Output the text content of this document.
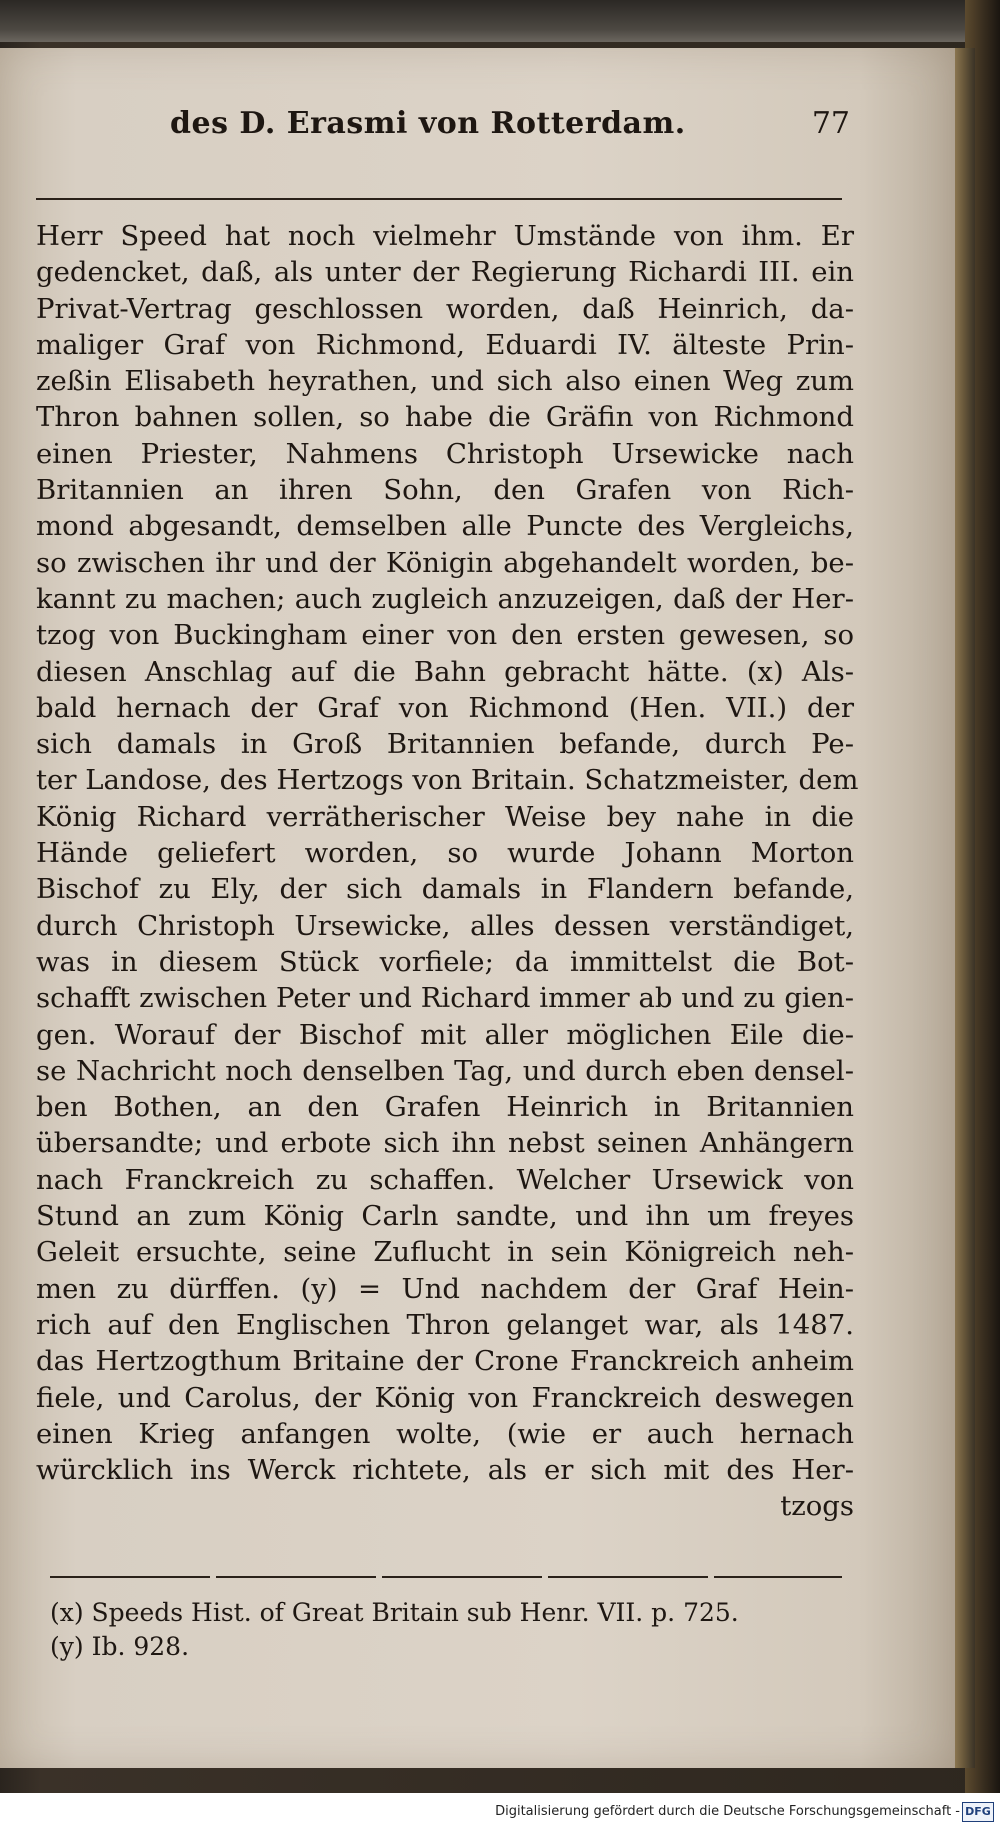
des D. Erasmi von Rotterdam.	77
Herr Speed hat noch vielmehr Umstände von ihm. Er
gedencket, daß, als unter der Regierung Richardi III. ein
Privat-Vertrag geschlossen worden, daß Heinrich, da-
maliger Graf von Richmond, Eduardi IV. älteste Prin-
zeßin Elisabeth heyrathen, und sich also einen Weg zum
Thron bahnen sollen, so habe die Gräfin von Richmond
einen Priester, Nahmens Christoph Ursewicke nach
Britannien an ihren Sohn, den Grafen von Rich-
mond abgesandt, demselben alle Puncte des Vergleichs,
so zwischen ihr und der Königin abgehandelt worden, be-
kannt zu machen; auch zugleich anzuzeigen, daß der Her-
tzog von Buckingham einer von den ersten gewesen, so
diesen Anschlag auf die Bahn gebracht hätte. (x) Als-
bald hernach der Graf von Richmond (Hen. VII.) der
sich damals in Groß Britannien befande, durch Pe-
ter Landose, des Hertzogs von Britain. Schatzmeister, dem
König Richard verrätherischer Weise bey nahe in die
Hände geliefert worden, so wurde Johann Morton
Bischof zu Ely, der sich damals in Flandern befande,
durch Christoph Ursewicke, alles dessen verständiget,
was in diesem Stück vorfiele; da immittelst die Bot-
schafft zwischen Peter und Richard immer ab und zu gien-
gen. Worauf der Bischof mit aller möglichen Eile die-
se Nachricht noch denselben Tag, und durch eben densel-
ben Bothen, an den Grafen Heinrich in Britannien
übersandte; und erbote sich ihn nebst seinen Anhängern
nach Franckreich zu schaffen. Welcher Ursewick von
Stund an zum König Carln sandte, und ihn um freyes
Geleit ersuchte, seine Zuflucht in sein Königreich neh-
men zu dürffen. (y) = Und nachdem der Graf Hein-
rich auf den Englischen Thron gelanget war, als 1487.
das Hertzogthum Britaine der Crone Franckreich anheim
fiele, und Carolus, der König von Franckreich deswegen
einen Krieg anfangen wolte, (wie er auch hernach
würcklich ins Werck richtete, als er sich mit des Her-
tzogs
(x) Speeds Hist. of Great Britain sub Henr. VII. p. 725.
(y) Ib. 928.
Digitalisierung gefördert durch die Deutsche Forschungsgemeinschaft - DFG
